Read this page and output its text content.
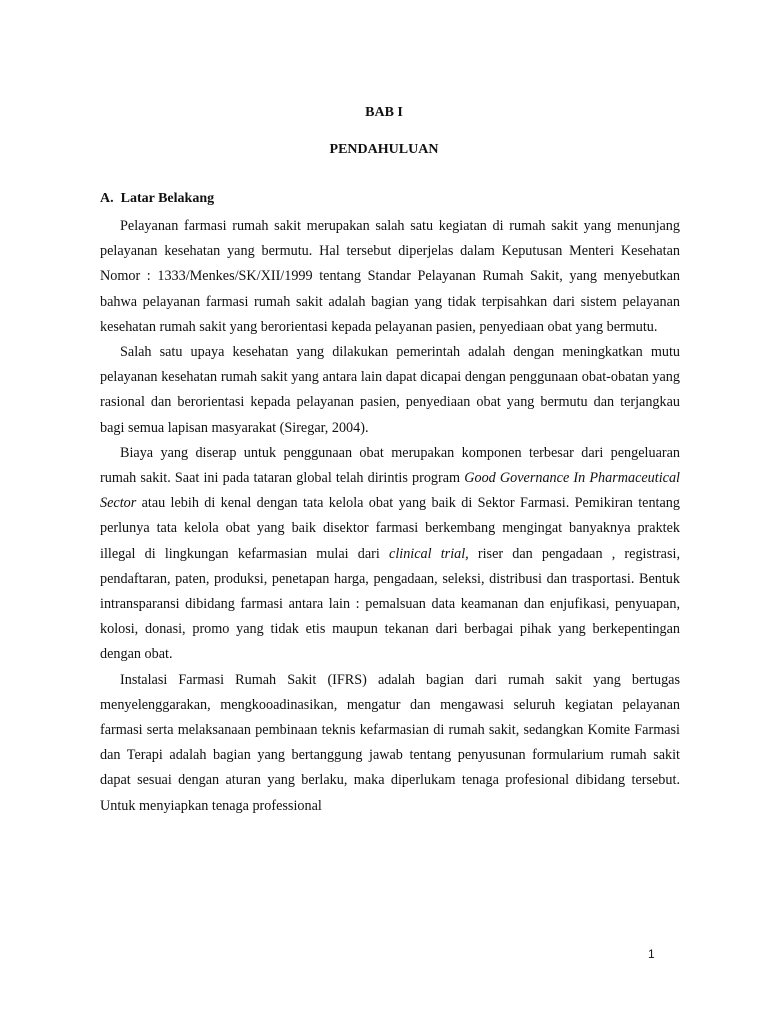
BAB I
PENDAHULUAN
A. Latar Belakang

Pelayanan farmasi rumah sakit merupakan salah satu kegiatan di rumah sakit yang menunjang pelayanan kesehatan yang bermutu. Hal tersebut diperjelas dalam Keputusan Menteri Kesehatan Nomor : 1333/Menkes/SK/XII/1999 tentang Standar Pelayanan Rumah Sakit, yang menyebutkan bahwa pelayanan farmasi rumah sakit adalah bagian yang tidak terpisahkan dari sistem pelayanan kesehatan rumah sakit yang berorientasi kepada pelayanan pasien, penyediaan obat yang bermutu.

Salah satu upaya kesehatan yang dilakukan pemerintah adalah dengan meningkatkan mutu pelayanan kesehatan rumah sakit yang antara lain dapat dicapai dengan penggunaan obat-obatan yang rasional dan berorientasi kepada pelayanan pasien, penyediaan obat yang bermutu dan terjangkau bagi semua lapisan masyarakat (Siregar, 2004).

Biaya yang diserap untuk penggunaan obat merupakan komponen terbesar dari pengeluaran rumah sakit. Saat ini pada tataran global telah dirintis program Good Governance In Pharmaceutical Sector atau lebih di kenal dengan tata kelola obat yang baik di Sektor Farmasi. Pemikiran tentang perlunya tata kelola obat yang baik disektor farmasi berkembang mengingat banyaknya praktek illegal di lingkungan kefarmasian mulai dari clinical trial, riser dan pengadaan , registrasi, pendaftaran, paten, produksi, penetapan harga, pengadaan, seleksi, distribusi dan trasportasi. Bentuk intransparansi dibidang farmasi antara lain : pemalsuan data keamanan dan enjufikasi, penyuapan, kolosi, donasi, promo yang tidak etis maupun tekanan dari berbagai pihak yang berkepentingan dengan obat.

Instalasi Farmasi Rumah Sakit (IFRS) adalah bagian dari rumah sakit yang bertugas menyelenggarakan, mengkooadinasikan, mengatur dan mengawasi seluruh kegiatan pelayanan farmasi serta melaksanaan pembinaan teknis kefarmasian di rumah sakit, sedangkan Komite Farmasi dan Terapi adalah bagian yang bertanggung jawab tentang penyusunan formularium rumah sakit dapat sesuai dengan aturan yang berlaku, maka diperlukam tenaga profesional dibidang tersebut. Untuk menyiapkan tenaga professional

1
